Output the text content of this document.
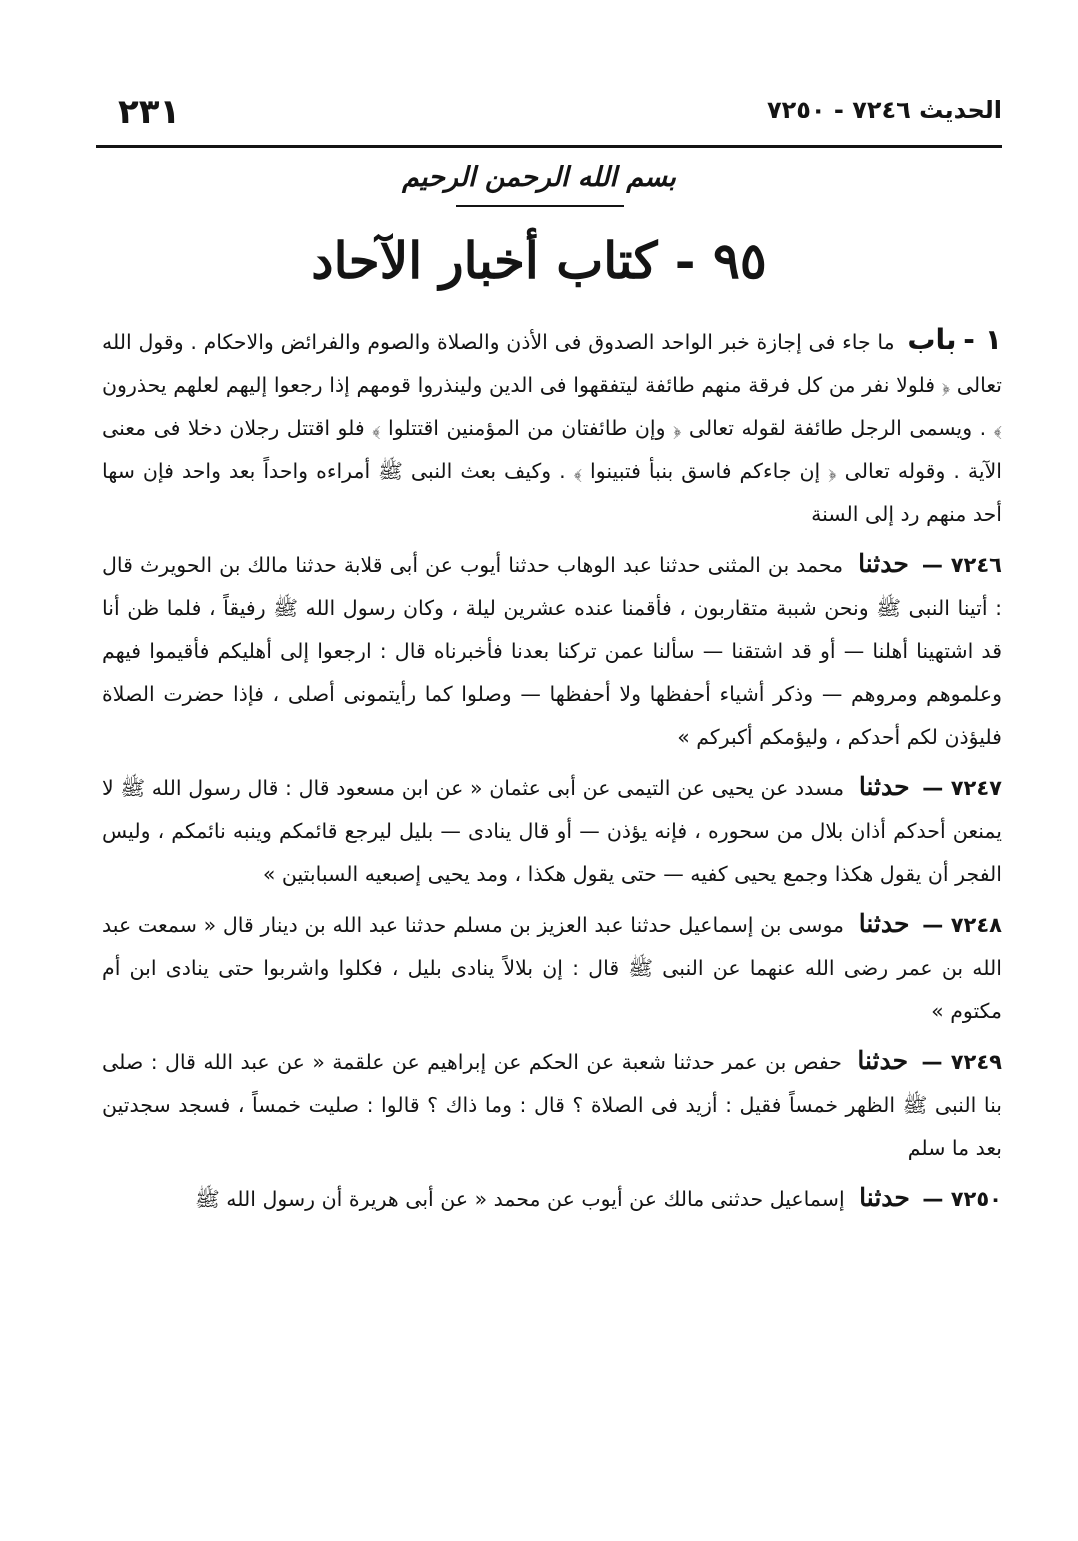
الحديث ٧٢٤٦ - ٧٢٥٠
٢٣١
بسم الله الرحمن الرحيم
٩٥ - كتاب أخبار الآحاد

١ - باب ما جاء فى إجازة خبر الواحد الصدوق فى الأذن والصلاة والصوم والفرائض والاحكام . وقول الله تعالى ﴿ فلولا نفر من كل فرقة منهم طائفة ليتفقهوا فى الدين ولينذروا قومهم إذا رجعوا إليهم لعلهم يحذرون ﴾ . ويسمى الرجل طائفة لقوله تعالى ﴿ وإن طائفتان من المؤمنين اقتتلوا ﴾ فلو اقتتل رجلان دخلا فى معنى الآية . وقوله تعالى ﴿ إن جاءكم فاسق بنبأ فتبينوا ﴾ . وكيف بعث النبى ﷺ أمراءه واحداً بعد واحد فإن سها أحد منهم رد إلى السنة

٧٢٤٦ — حدثنا محمد بن المثنى حدثنا عبد الوهاب حدثنا أيوب عن أبى قلابة حدثنا مالك بن الحويرث قال : أتينا النبى ﷺ ونحن شببة متقاربون ، فأقمنا عنده عشرين ليلة ، وكان رسول الله ﷺ رفيقاً ، فلما ظن أنا قد اشتهينا أهلنا — أو قد اشتقنا — سألنا عمن تركنا بعدنا فأخبرناه قال : ارجعوا إلى أهليكم فأقيموا فيهم وعلموهم ومروهم — وذكر أشياء أحفظها ولا أحفظها — وصلوا كما رأيتمونى أصلى ، فإذا حضرت الصلاة فليؤذن لكم أحدكم ، وليؤمكم أكبركم »

٧٢٤٧ — حدثنا مسدد عن يحيى عن التيمى عن أبى عثمان « عن ابن مسعود قال : قال رسول الله ﷺ لا يمنعن أحدكم أذان بلال من سحوره ، فإنه يؤذن — أو قال ينادى — بليل ليرجع قائمكم وينبه نائمكم ، وليس الفجر أن يقول هكذا وجمع يحيى كفيه — حتى يقول هكذا ، ومد يحيى إصبعيه السبابتين »

٧٢٤٨ — حدثنا موسى بن إسماعيل حدثنا عبد العزيز بن مسلم حدثنا عبد الله بن دينار قال « سمعت عبد الله بن عمر رضى الله عنهما عن النبى ﷺ قال : إن بلالاً ينادى بليل ، فكلوا واشربوا حتى ينادى ابن أم مكتوم »

٧٢٤٩ — حدثنا حفص بن عمر حدثنا شعبة عن الحكم عن إبراهيم عن علقمة « عن عبد الله قال : صلى بنا النبى ﷺ الظهر خمساً فقيل : أزيد فى الصلاة ؟ قال : وما ذاك ؟ قالوا : صليت خمساً ، فسجد سجدتين بعد ما سلم

٧٢٥٠ — حدثنا إسماعيل حدثنى مالك عن أيوب عن محمد « عن أبى هريرة أن رسول الله ﷺ
